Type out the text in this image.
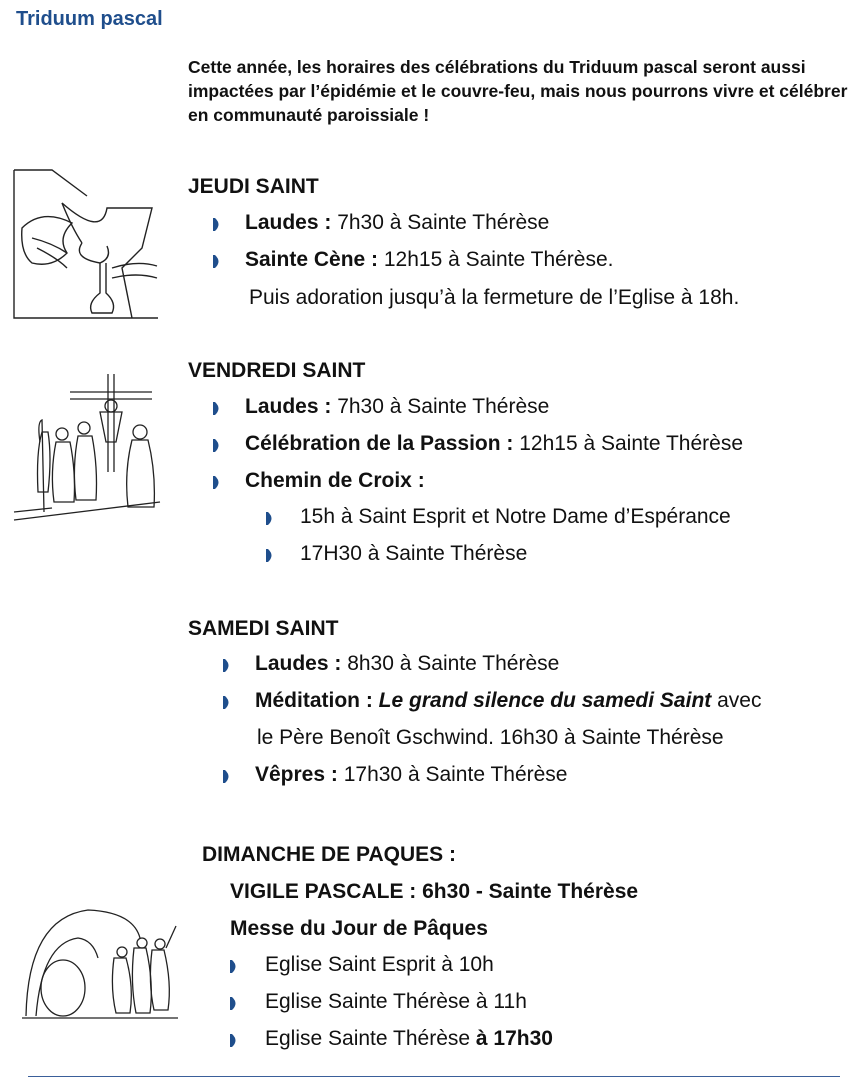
Triduum pascal
Cette année, les horaires des célébrations du Triduum pascal seront aussi impactées par l’épidémie et le couvre-feu, mais nous pourrons vivre et célébrer en communauté paroissiale !
JEUDI SAINT
Laudes : 7h30 à Sainte Thérèse
Sainte Cène : 12h15 à Sainte Thérèse.
Puis adoration jusqu’à la fermeture de l’Eglise à 18h.
VENDREDI SAINT
Laudes : 7h30 à Sainte Thérèse
Célébration de la Passion : 12h15 à Sainte Thérèse
Chemin de Croix :
15h à Saint Esprit et Notre Dame d’Espérance
17H30 à Sainte Thérèse
SAMEDI SAINT
Laudes : 8h30 à Sainte Thérèse
Méditation : Le grand silence du samedi Saint avec
le Père Benoît Gschwind. 16h30 à Sainte Thérèse
Vêpres : 17h30 à Sainte Thérèse
DIMANCHE DE PAQUES :
VIGILE PASCALE : 6h30 - Sainte Thérèse
Messe du Jour de Pâques
Eglise Saint Esprit à 10h
Eglise Sainte Thérèse à 11h
Eglise Sainte Thérèse à 17h30
